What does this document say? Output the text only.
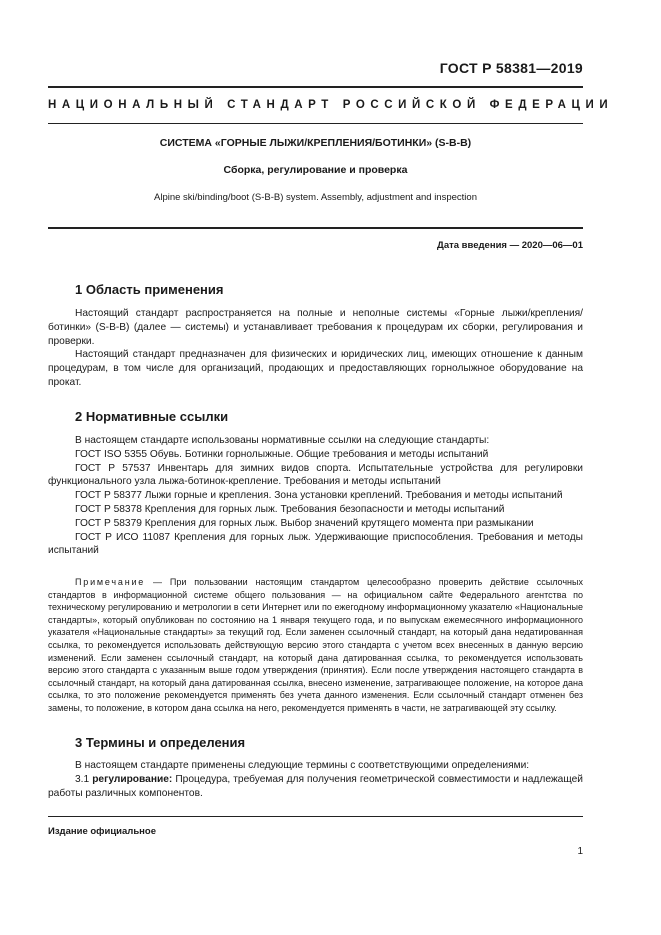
ГОСТ Р 58381—2019
НАЦИОНАЛЬНЫЙ СТАНДАРТ РОССИЙСКОЙ ФЕДЕРАЦИИ
СИСТЕМА «ГОРНЫЕ ЛЫЖИ/КРЕПЛЕНИЯ/БОТИНКИ» (S-B-B)
Сборка, регулирование и проверка
Alpine ski/binding/boot (S-B-B) system. Assembly, adjustment and inspection
Дата введения — 2020—06—01
1 Область применения

Настоящий стандарт распространяется на полные и неполные системы «Горные лыжи/крепления/ботинки» (S-B-B) (далее — системы) и устанавливает требования к процедурам их сборки, регулирования и проверки.

Настоящий стандарт предназначен для физических и юридических лиц, имеющих отношение к данным процедурам, в том числе для организаций, продающих и предоставляющих горнолыжное оборудование на прокат.

2 Нормативные ссылки

В настоящем стандарте использованы нормативные ссылки на следующие стандарты:

ГОСТ ISO 5355 Обувь. Ботинки горнолыжные. Общие требования и методы испытаний

ГОСТ Р 57537 Инвентарь для зимних видов спорта. Испытательные устройства для регулировки функционального узла лыжа-ботинок-крепление. Требования и методы испытаний

ГОСТ Р 58377 Лыжи горные и крепления. Зона установки креплений. Требования и методы испытаний

ГОСТ Р 58378 Крепления для горных лыж. Требования безопасности и методы испытаний

ГОСТ Р 58379 Крепления для горных лыж. Выбор значений крутящего момента при размыкании

ГОСТ Р ИСО 11087 Крепления для горных лыж. Удерживающие приспособления. Требования и методы испытаний

Примечание — При пользовании настоящим стандартом целесообразно проверить действие ссылочных стандартов в информационной системе общего пользования — на официальном сайте Федерального агентства по техническому регулированию и метрологии в сети Интернет или по ежегодному информационному указателю «Национальные стандарты», который опубликован по состоянию на 1 января текущего года, и по выпускам ежемесячного информационного указателя «Национальные стандарты» за текущий год. Если заменен ссылочный стандарт, на который дана недатированная ссылка, то рекомендуется использовать действующую версию этого стандарта с учетом всех внесенных в данную версию изменений. Если заменен ссылочный стандарт, на который дана датированная ссылка, то рекомендуется использовать версию этого стандарта с указанным выше годом утверждения (принятия). Если после утверждения настоящего стандарта в ссылочный стандарт, на который дана датированная ссылка, внесено изменение, затрагивающее положение, на которое дана ссылка, то это положение рекомендуется применять без учета данного изменения. Если ссылочный стандарт отменен без замены, то положение, в котором дана ссылка на него, рекомендуется применять в части, не затрагивающей эту ссылку.

3 Термины и определения

В настоящем стандарте применены следующие термины с соответствующими определениями:

3.1 регулирование: Процедура, требуемая для получения геометрической совместимости и надлежащей работы различных компонентов.

Издание официальное
1
